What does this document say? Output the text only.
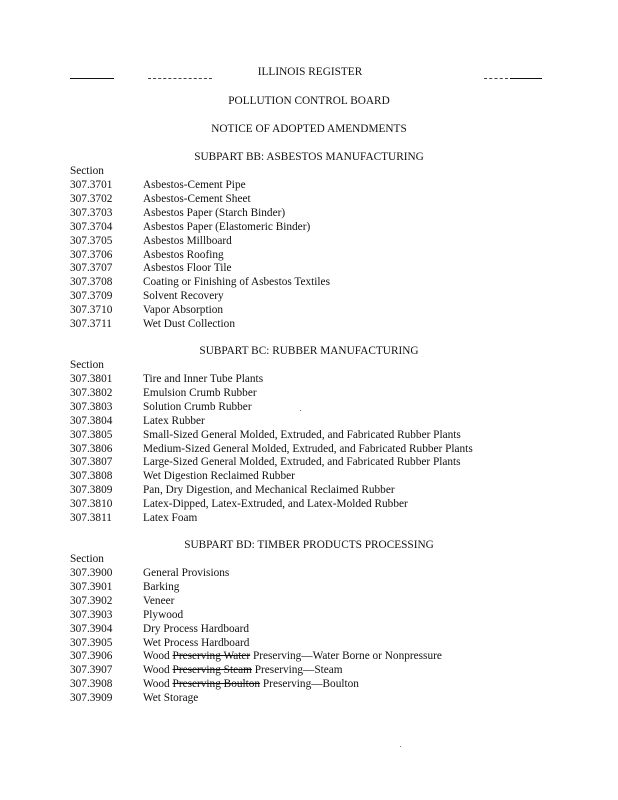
ILLINOIS REGISTER
POLLUTION CONTROL BOARD
NOTICE OF ADOPTED AMENDMENTS
SUBPART BB: ASBESTOS MANUFACTURING
Section
307.3701	Asbestos-Cement Pipe
307.3702	Asbestos-Cement Sheet
307.3703	Asbestos Paper (Starch Binder)
307.3704	Asbestos Paper (Elastomeric Binder)
307.3705	Asbestos Millboard
307.3706	Asbestos Roofing
307.3707	Asbestos Floor Tile
307.3708	Coating or Finishing of Asbestos Textiles
307.3709	Solvent Recovery
307.3710	Vapor Absorption
307.3711	Wet Dust Collection
SUBPART BC: RUBBER MANUFACTURING
Section
307.3801	Tire and Inner Tube Plants
307.3802	Emulsion Crumb Rubber
307.3803	Solution Crumb Rubber
307.3804	Latex Rubber
307.3805	Small-Sized General Molded, Extruded, and Fabricated Rubber Plants
307.3806	Medium-Sized General Molded, Extruded, and Fabricated Rubber Plants
307.3807	Large-Sized General Molded, Extruded, and Fabricated Rubber Plants
307.3808	Wet Digestion Reclaimed Rubber
307.3809	Pan, Dry Digestion, and Mechanical Reclaimed Rubber
307.3810	Latex-Dipped, Latex-Extruded, and Latex-Molded Rubber
307.3811	Latex Foam
SUBPART BD: TIMBER PRODUCTS PROCESSING
Section
307.3900	General Provisions
307.3901	Barking
307.3902	Veneer
307.3903	Plywood
307.3904	Dry Process Hardboard
307.3905	Wet Process Hardboard
307.3906	Wood Preserving Water Preserving—Water Borne or Nonpressure
307.3907	Wood Preserving Steam Preserving—Steam
307.3908	Wood Preserving Boulton Preserving—Boulton
307.3909	Wet Storage
